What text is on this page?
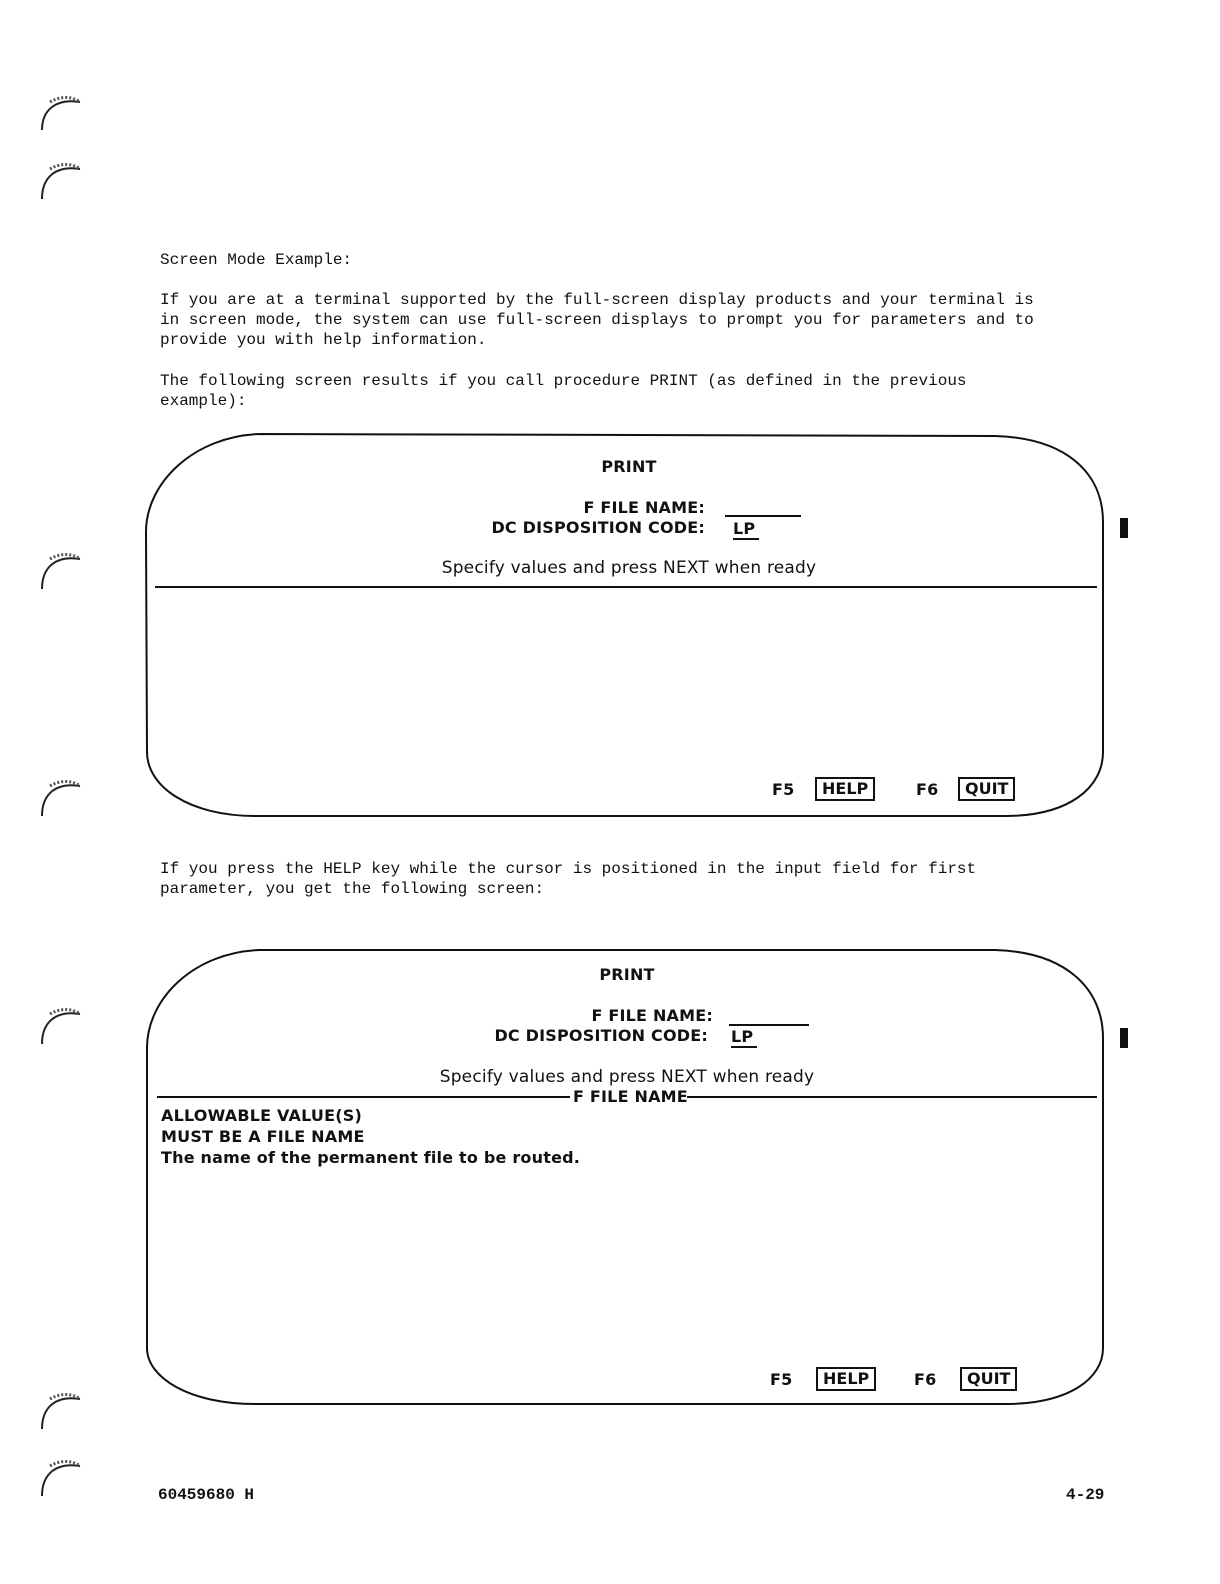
Screen Mode Example:
If you are at a terminal supported by the full-screen display products and your terminal is
in screen mode, the system can use full-screen displays to prompt you for parameters and to
provide you with help information.
The following screen results if you call procedure PRINT (as defined in the previous
example):
PRINT
F FILE NAME:
DC DISPOSITION CODE: LP
Specify values and press NEXT when ready
F5	HELP	F6	QUIT
If you press the HELP key while the cursor is positioned in the input field for first
parameter, you get the following screen:
PRINT
F FILE NAME:
DC DISPOSITION CODE: LP
Specify values and press NEXT when ready
F FILE NAME
ALLOWABLE VALUE(S)
MUST BE A FILE NAME
The name of the permanent file to be routed.
F5	HELP	F6	QUIT
60459680 H	4-29
